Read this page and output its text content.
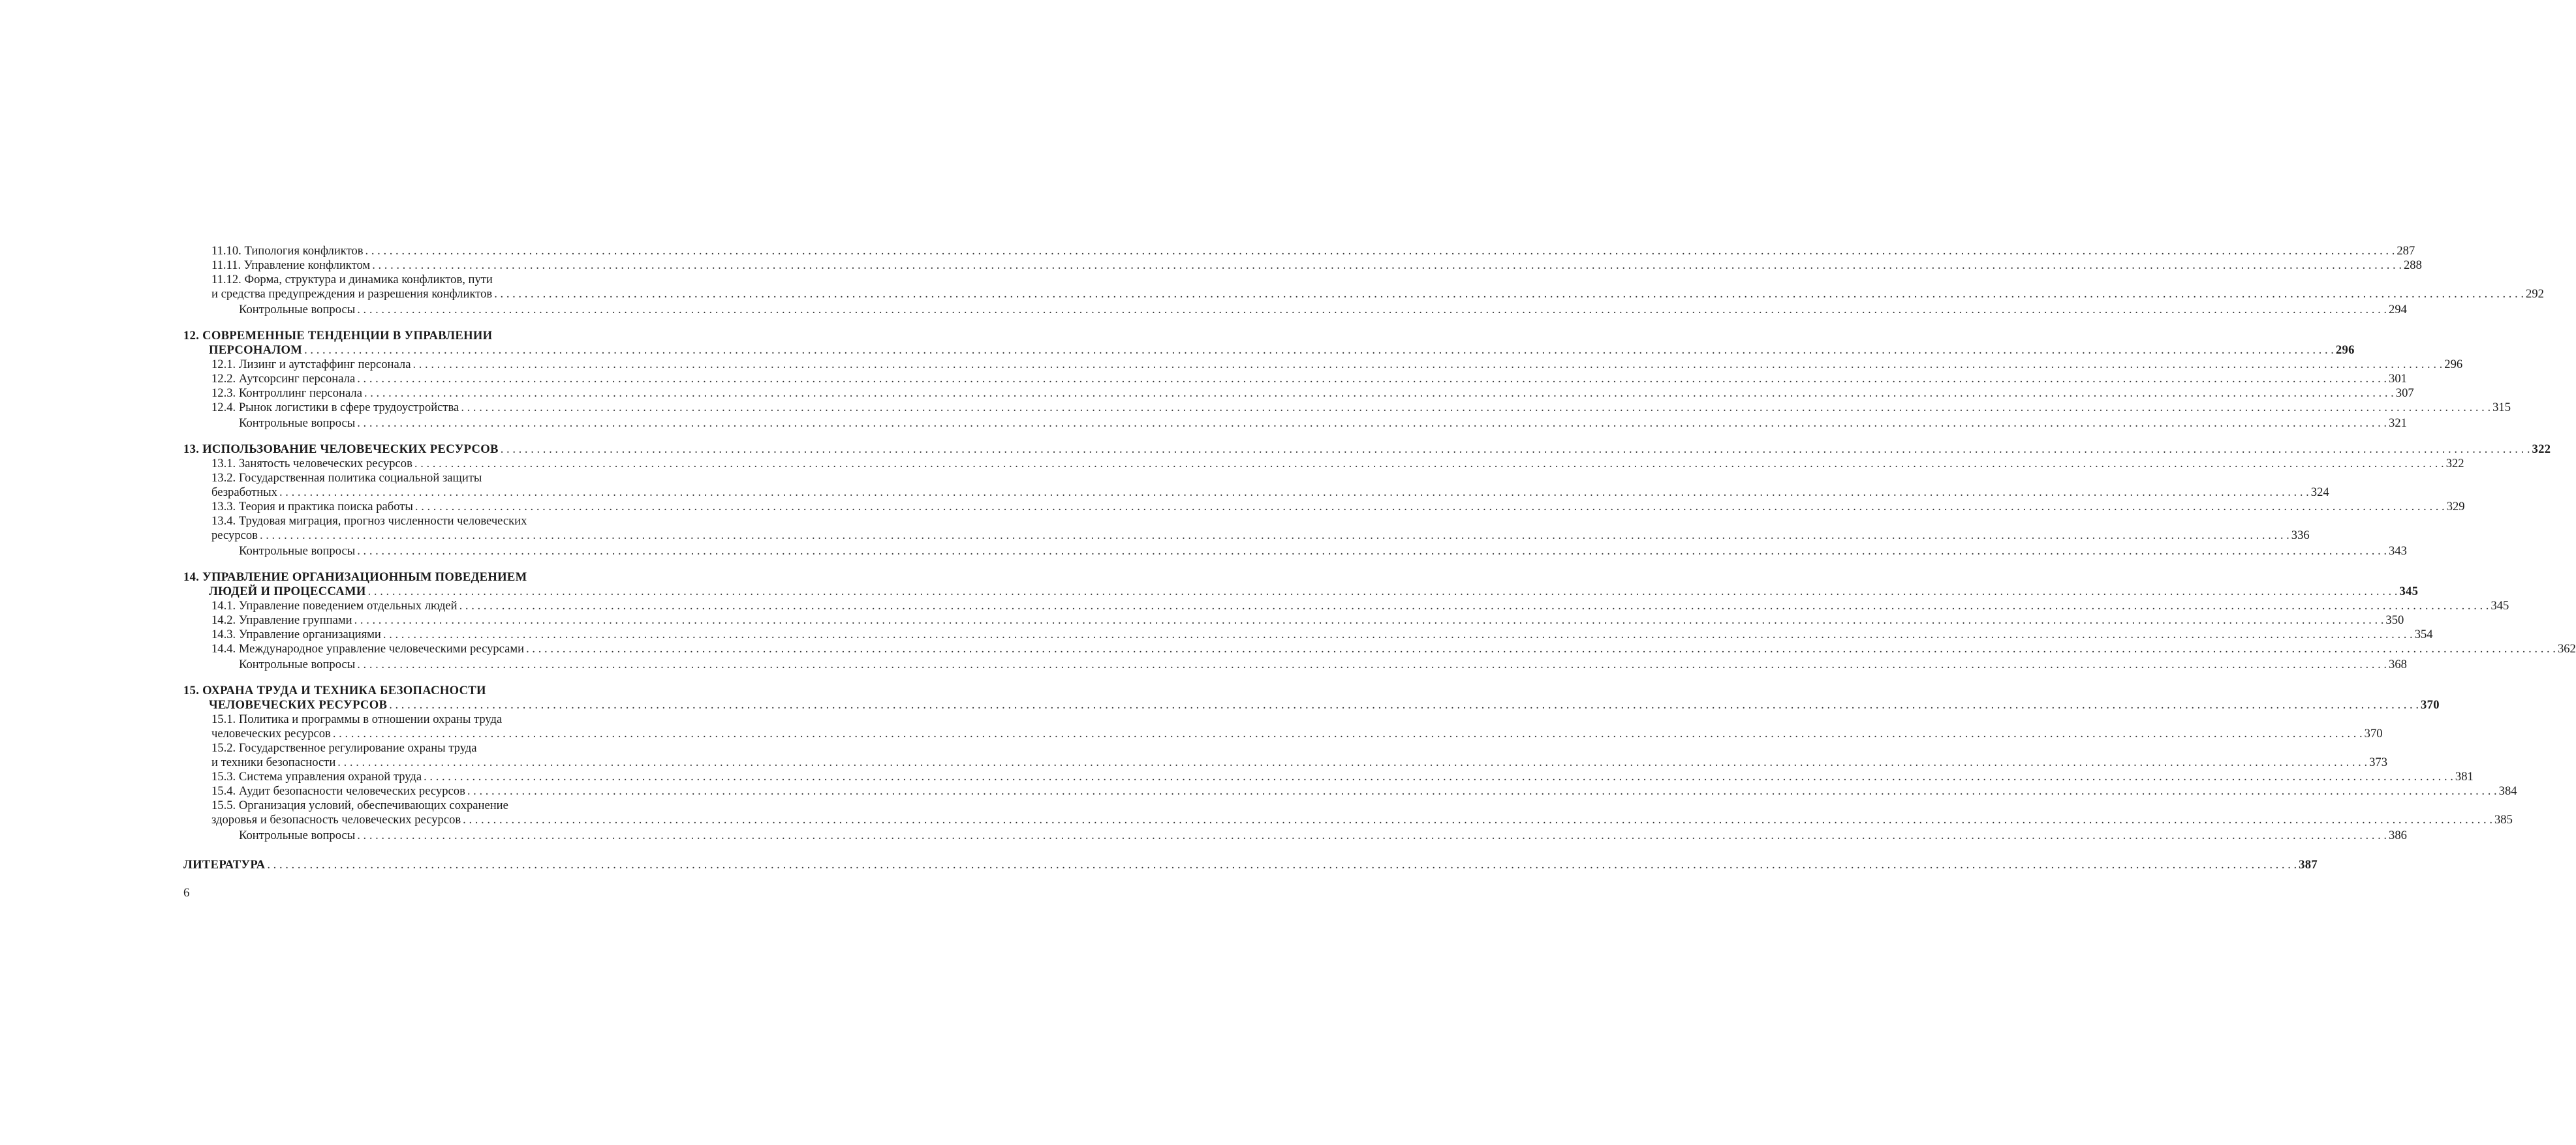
11.10. Типология конфликтов . . .	287
11.11. Управление конфликтом . . .	288
11.12. Форма, структура и динамика конфликтов, пути
и средства предупреждения и разрешения конфликтов . . .	292
Контрольные вопросы . . .	294
12. СОВРЕМЕННЫЕ ТЕНДЕНЦИИ В УПРАВЛЕНИИ
ПЕРСОНАЛОМ . . .	296
12.1. Лизинг и аутстаффинг персонала . . .	296
12.2. Аутсорсинг персонала . . .	301
12.3. Контроллинг персонала . . .	307
12.4. Рынок логистики в сфере трудоустройства . . .	315
Контрольные вопросы . . .	321
13. ИСПОЛЬЗОВАНИЕ ЧЕЛОВЕЧЕСКИХ РЕСУРСОВ . . .	322
13.1. Занятость человеческих ресурсов . . .	322
13.2. Государственная политика социальной защиты
безработных . . .	324
13.3. Теория и практика поиска работы . . .	329
13.4. Трудовая миграция, прогноз численности человеческих
ресурсов . . .	336
Контрольные вопросы . . .	343
14. УПРАВЛЕНИЕ ОРГАНИЗАЦИОННЫМ ПОВЕДЕНИЕМ
ЛЮДЕЙ И ПРОЦЕССАМИ . . .	345
14.1. Управление поведением отдельных людей . . .	345
14.2. Управление группами . . .	350
14.3. Управление организациями . . .	354
14.4. Международное управление человеческими ресурсами . . .	362
Контрольные вопросы . . .	368
15. ОХРАНА ТРУДА И ТЕХНИКА БЕЗОПАСНОСТИ
ЧЕЛОВЕЧЕСКИХ РЕСУРСОВ . . .	370
15.1. Политика и программы в отношении охраны труда
человеческих ресурсов . . .	370
15.2. Государственное регулирование охраны труда
и техники безопасности . . .	373
15.3. Система управления охраной труда . . .	381
15.4. Аудит безопасности человеческих ресурсов . . .	384
15.5. Организация условий, обеспечивающих сохранение
здоровья и безопасность человеческих ресурсов . . .	385
Контрольные вопросы . . .	386
ЛИТЕРАТУРА . . .	387
6
